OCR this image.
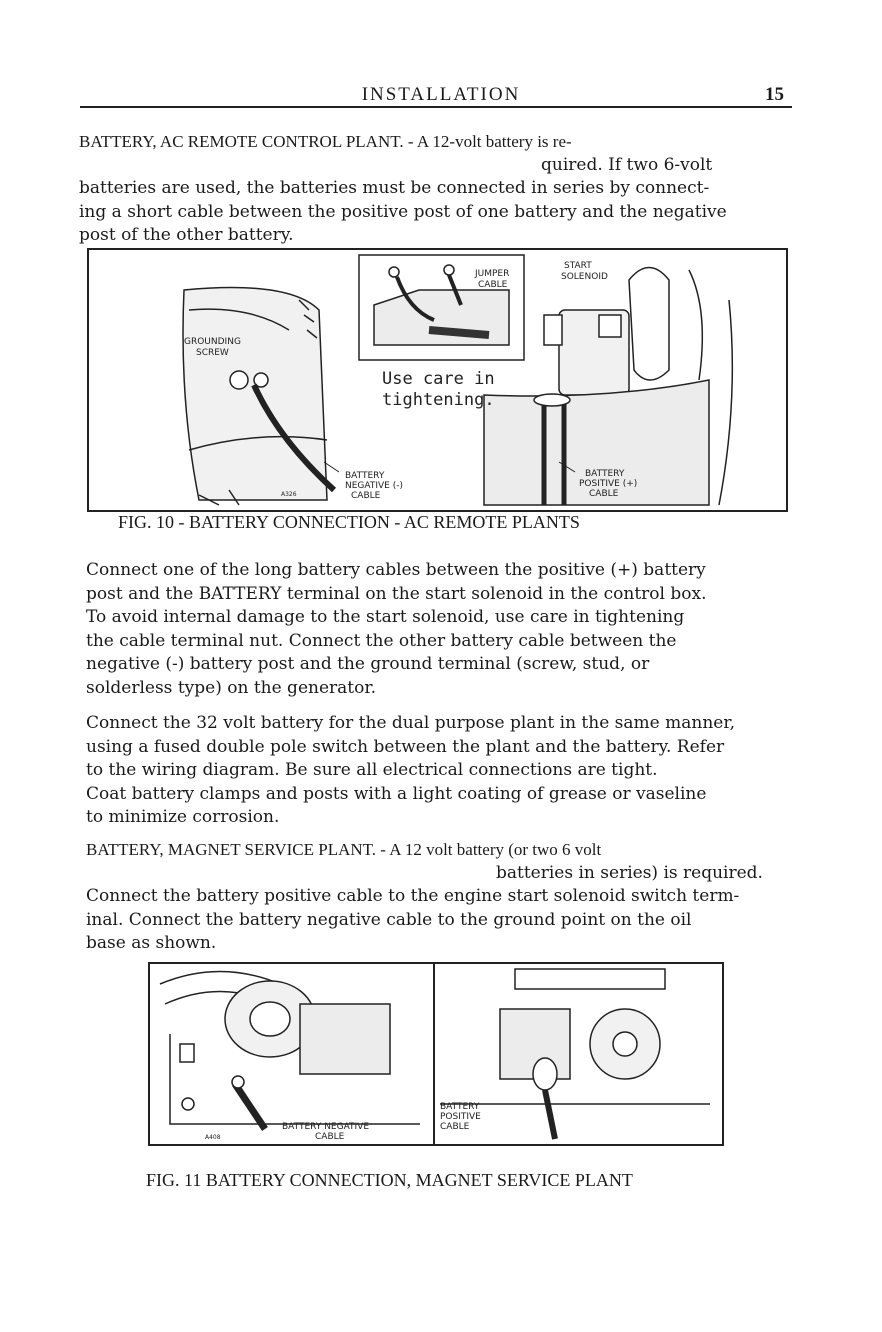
INSTALLATION	15
BATTERY, AC REMOTE CONTROL PLANT. - A 12-volt battery is re-
quired. If two 6-volt
batteries are used, the batteries must be connected in series by connect-
ing a short cable between the positive post of one battery and the negative
post of the other battery.
GROUNDING
SCREW
JUMPER
CABLE
START
SOLENOID
Use care in
tightening.
BATTERY
NEGATIVE (-)
CABLE
BATTERY
POSITIVE (+)
CABLE
A326
FIG. 10 - BATTERY CONNECTION - AC REMOTE PLANTS
Connect one of the long battery cables between the positive (+) battery
post and the BATTERY terminal on the start solenoid in the control box.
To avoid internal damage to the start solenoid, use care in tightening
the cable terminal nut. Connect the other battery cable between the
negative (-) battery post and the ground terminal (screw, stud, or
solderless type) on the generator.
Connect the 32 volt battery for the dual purpose plant in the same manner,
using a fused double pole switch between the plant and the battery. Refer
to the wiring diagram. Be sure all electrical connections are tight.
Coat battery clamps and posts with a light coating of grease or vaseline
to minimize corrosion.
BATTERY, MAGNET SERVICE PLANT. - A 12 volt battery (or two 6 volt
batteries in series) is required.
Connect the battery positive cable to the engine start solenoid switch term-
inal. Connect the battery negative cable to the ground point on the oil
base as shown.
BATTERY NEGATIVE
CABLE
BATTERY
POSITIVE
CABLE
A408
FIG. 11 BATTERY CONNECTION, MAGNET SERVICE PLANT
